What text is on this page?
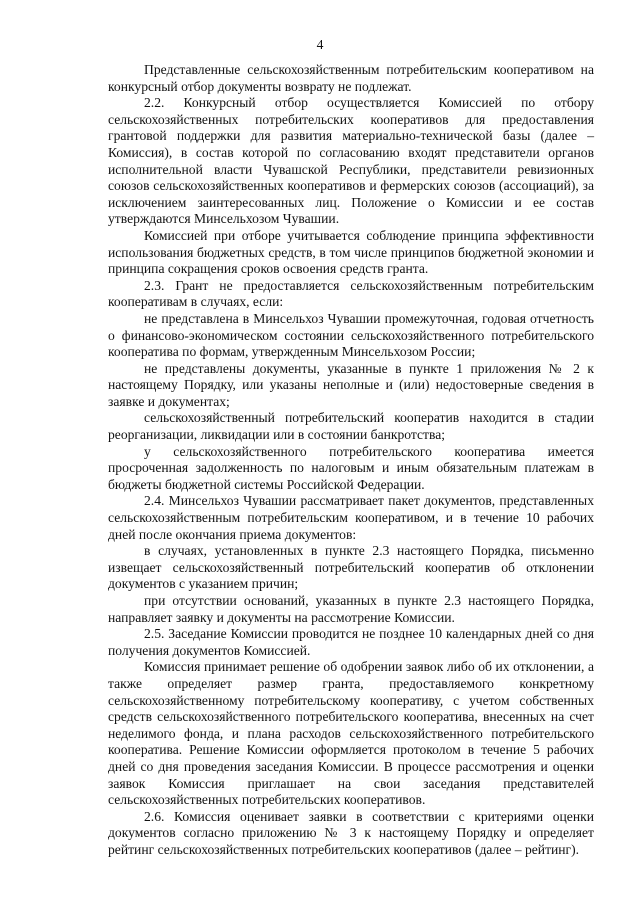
4

Представленные сельскохозяйственным потребительским кооперативом на конкурсный отбор документы возврату не подлежат.

2.2. Конкурсный отбор осуществляется Комиссией по отбору сельскохозяйственных потребительских кооперативов для предоставления грантовой поддержки для развития материально-технической базы (далее – Комиссия), в состав которой по согласованию входят представители органов исполнительной власти Чувашской Республики, представители ревизионных союзов сельскохозяйственных кооперативов и фермерских союзов (ассоциаций), за исключением заинтересованных лиц. Положение о Комиссии и ее состав утверждаются Минсельхозом Чувашии.

Комиссией при отборе учитывается соблюдение принципа эффективности использования бюджетных средств, в том числе принципов бюджетной экономии и принципа сокращения сроков освоения средств гранта.

2.3. Грант не предоставляется сельскохозяйственным потребительским кооперативам в случаях, если:

не представлена в Минсельхоз Чувашии промежуточная, годовая отчетность о финансово-экономическом состоянии сельскохозяйственного потребительского кооператива по формам, утвержденным Минсельхозом России;

не представлены документы, указанные в пункте 1 приложения № 2 к настоящему Порядку, или указаны неполные и (или) недостоверные сведения в заявке и документах;

сельскохозяйственный потребительский кооператив находится в стадии реорганизации, ликвидации или в состоянии банкротства;

у сельскохозяйственного потребительского кооператива имеется просроченная задолженность по налоговым и иным обязательным платежам в бюджеты бюджетной системы Российской Федерации.

2.4. Минсельхоз Чувашии рассматривает пакет документов, представленных сельскохозяйственным потребительским кооперативом, и в течение 10 рабочих дней после окончания приема документов:

в случаях, установленных в пункте 2.3 настоящего Порядка, письменно извещает сельскохозяйственный потребительский кооператив об отклонении документов с указанием причин;

при отсутствии оснований, указанных в пункте 2.3 настоящего Порядка, направляет заявку и документы на рассмотрение Комиссии.

2.5. Заседание Комиссии проводится не позднее 10 календарных дней со дня получения документов Комиссией.

Комиссия принимает решение об одобрении заявок либо об их отклонении, а также определяет размер гранта, предоставляемого конкретному сельскохозяйственному потребительскому кооперативу, с учетом собственных средств сельскохозяйственного потребительского кооператива, внесенных на счет неделимого фонда, и плана расходов сельскохозяйственного потребительского кооператива. Решение Комиссии оформляется протоколом в течение 5 рабочих дней со дня проведения заседания Комиссии. В процессе рассмотрения и оценки заявок Комиссия приглашает на свои заседания представителей сельскохозяйственных потребительских кооперативов.

2.6. Комиссия оценивает заявки в соответствии с критериями оценки документов согласно приложению № 3 к настоящему Порядку и определяет рейтинг сельскохозяйственных потребительских кооперативов (далее – рейтинг).
